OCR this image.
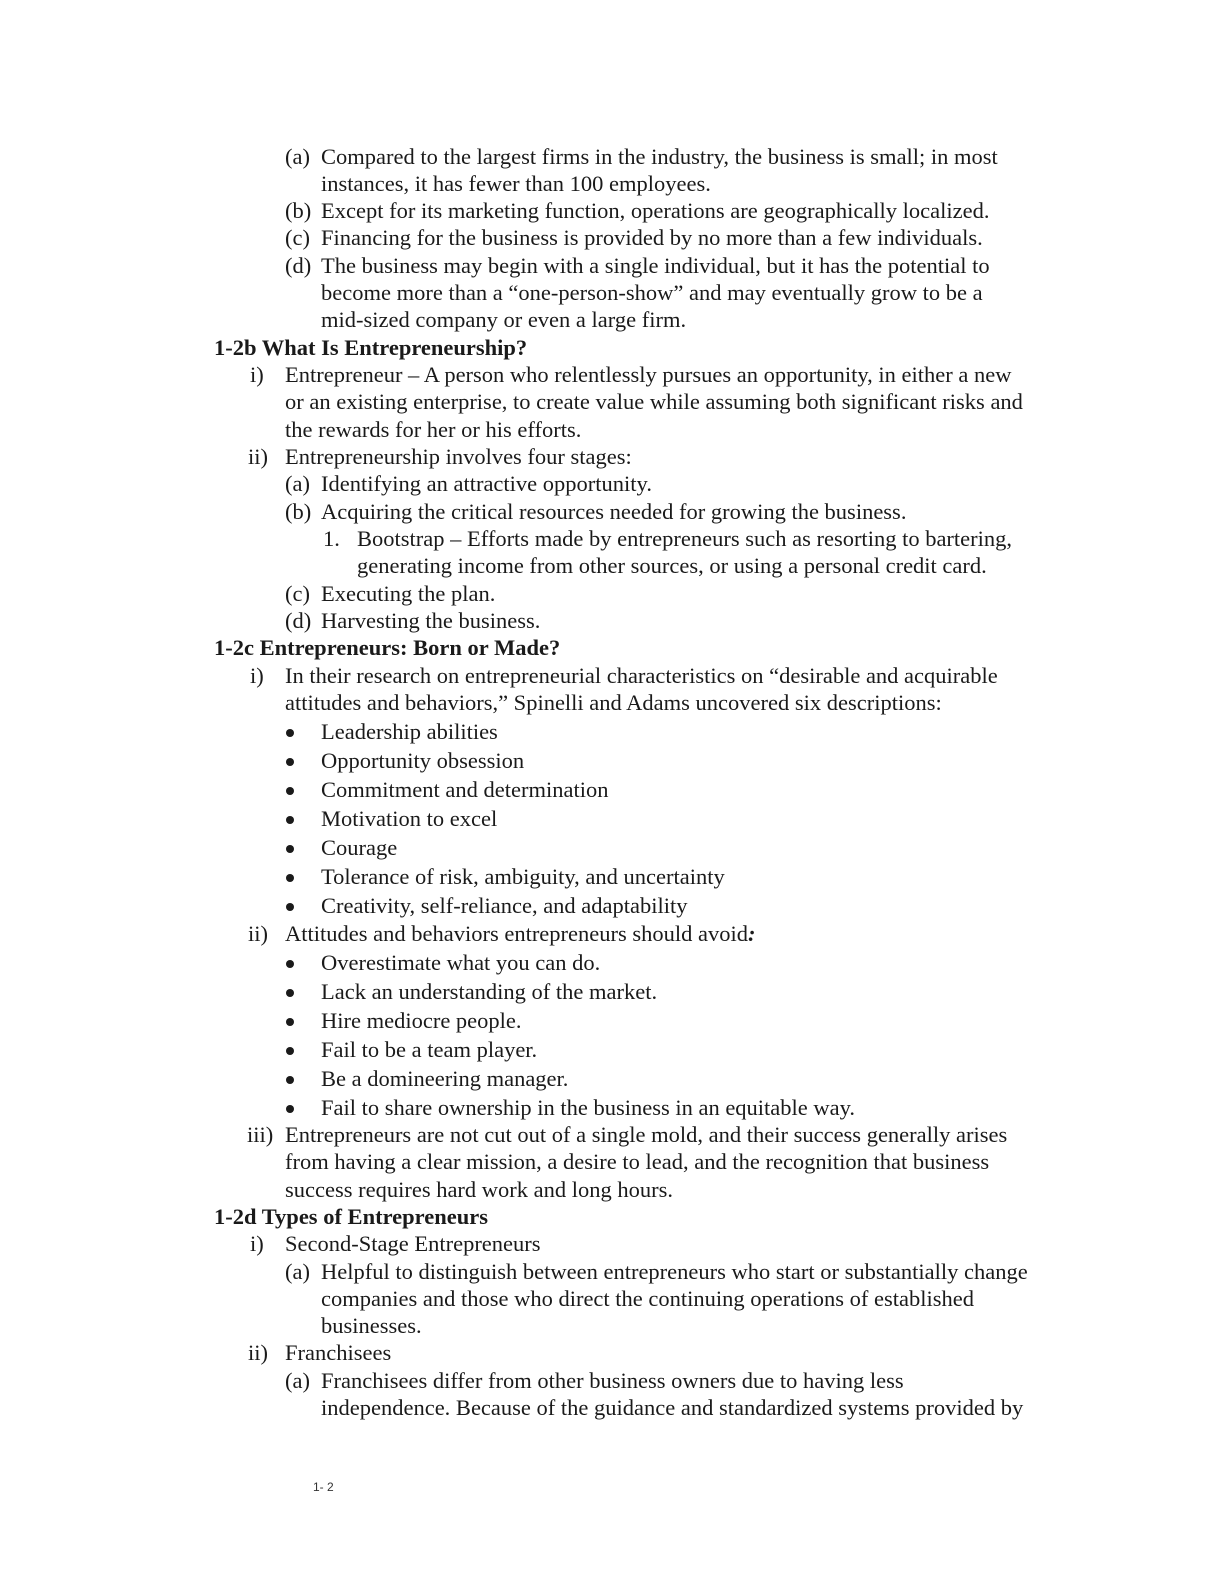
(a) Compared to the largest firms in the industry, the business is small; in most
instances, it has fewer than 100 employees.
(b) Except for its marketing function, operations are geographically localized.
(c) Financing for the business is provided by no more than a few individuals.
(d) The business may begin with a single individual, but it has the potential to
become more than a “one-person-show” and may eventually grow to be a
mid-sized company or even a large firm.
1-2b What Is Entrepreneurship?
i) Entrepreneur – A person who relentlessly pursues an opportunity, in either a new
or an existing enterprise, to create value while assuming both significant risks and
the rewards for her or his efforts.
ii) Entrepreneurship involves four stages:
(a) Identifying an attractive opportunity.
(b) Acquiring the critical resources needed for growing the business.
1. Bootstrap – Efforts made by entrepreneurs such as resorting to bartering,
generating income from other sources, or using a personal credit card.
(c) Executing the plan.
(d) Harvesting the business.
1-2c Entrepreneurs: Born or Made?
i) In their research on entrepreneurial characteristics on “desirable and acquirable
attitudes and behaviors,” Spinelli and Adams uncovered six descriptions:
Leadership abilities
Opportunity obsession
Commitment and determination
Motivation to excel
Courage
Tolerance of risk, ambiguity, and uncertainty
Creativity, self-reliance, and adaptability
ii) Attitudes and behaviors entrepreneurs should avoid:
Overestimate what you can do.
Lack an understanding of the market.
Hire mediocre people.
Fail to be a team player.
Be a domineering manager.
Fail to share ownership in the business in an equitable way.
iii) Entrepreneurs are not cut out of a single mold, and their success generally arises
from having a clear mission, a desire to lead, and the recognition that business
success requires hard work and long hours.
1-2d Types of Entrepreneurs
i) Second-Stage Entrepreneurs
(a) Helpful to distinguish between entrepreneurs who start or substantially change
companies and those who direct the continuing operations of established
businesses.
ii) Franchisees
(a) Franchisees differ from other business owners due to having less
independence. Because of the guidance and standardized systems provided by
1- 2
